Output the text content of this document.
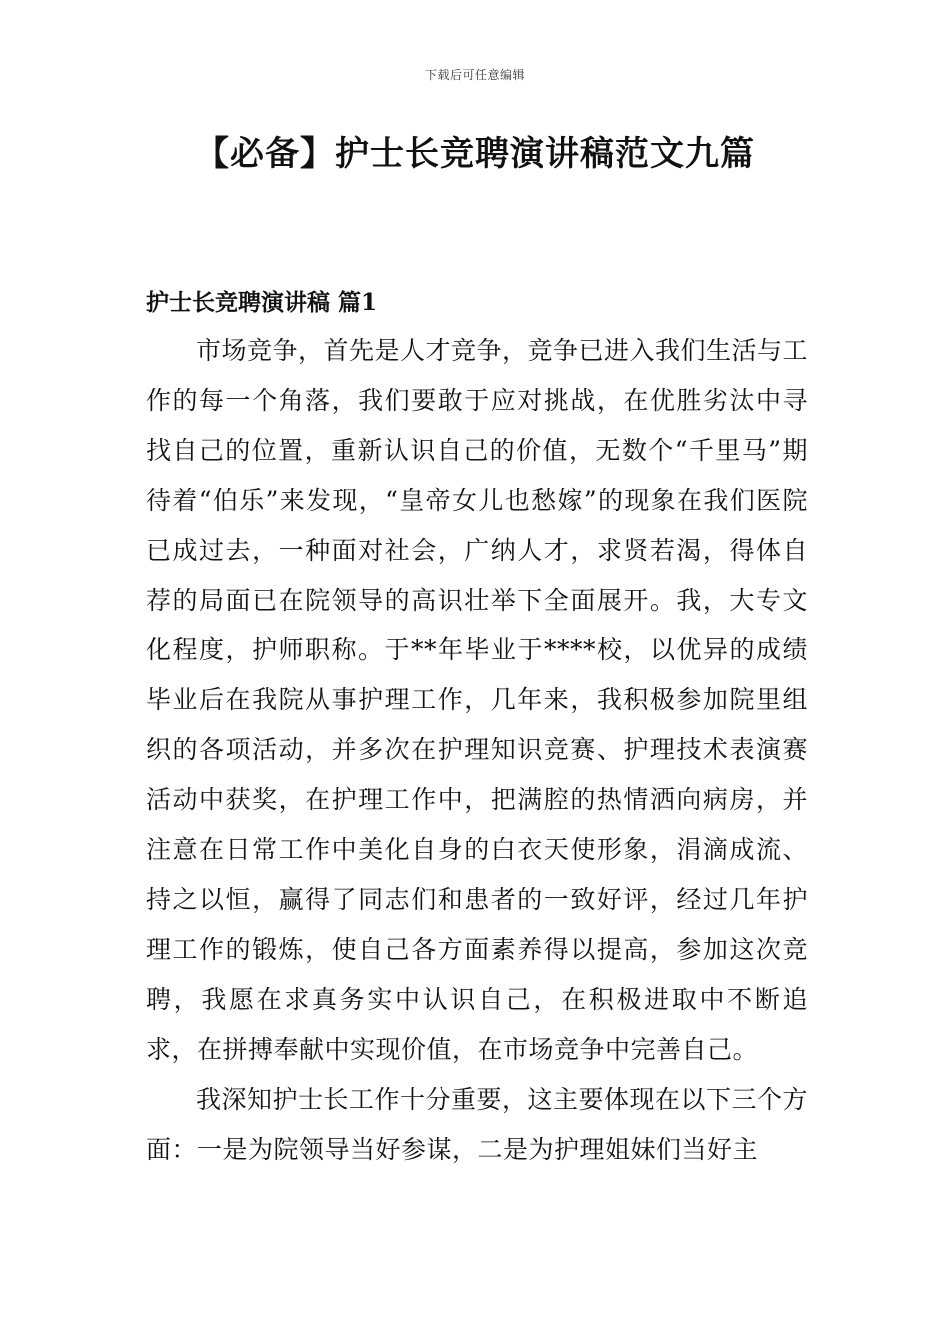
下载后可任意编辑
【必备】护士长竞聘演讲稿范文九篇
护士长竞聘演讲稿 篇1

市场竞争，首先是人才竞争，竞争已进入我们生活与工作的每一个角落，我们要敢于应对挑战，在优胜劣汰中寻找自己的位置，重新认识自己的价值，无数个“千里马”期待着“伯乐”来发现，“皇帝女儿也愁嫁”的现象在我们医院已成过去，一种面对社会，广纳人才，求贤若渴，得体自荐的局面已在院领导的高识壮举下全面展开。我，大专文化程度，护师职称。于**年毕业于****校，以优异的成绩毕业后在我院从事护理工作，几年来，我积极参加院里组织的各项活动，并多次在护理知识竞赛、护理技术表演赛活动中获奖，在护理工作中，把满腔的热情洒向病房，并注意在日常工作中美化自身的白衣天使形象，涓滴成流、持之以恒，赢得了同志们和患者的一致好评，经过几年护理工作的锻炼，使自己各方面素养得以提高，参加这次竞聘，我愿在求真务实中认识自己，在积极进取中不断追求，在拼搏奉献中实现价值，在市场竞争中完善自己。

我深知护士长工作十分重要，这主要体现在以下三个方面：一是为院领导当好参谋，二是为护理姐妹们当好主
